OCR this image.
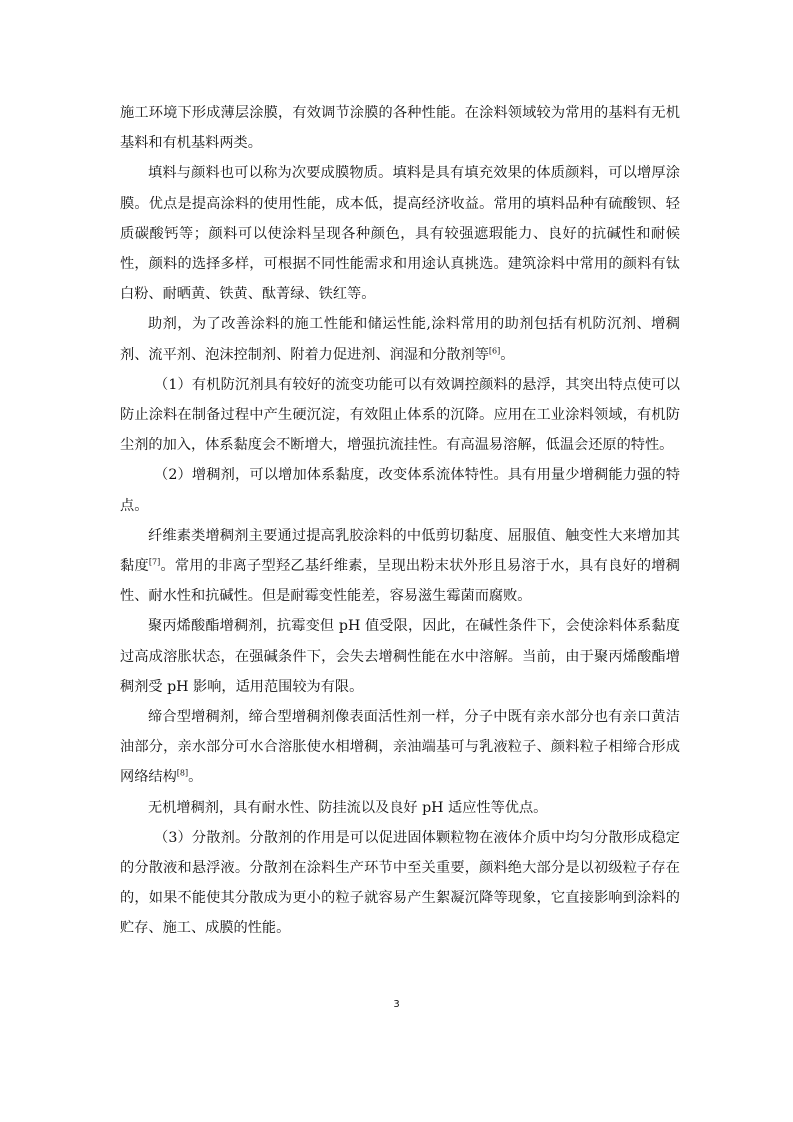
施工环境下形成薄层涂膜，有效调节涂膜的各种性能。在涂料领域较为常用的基料有无机基料和有机基料两类。

填料与颜料也可以称为次要成膜物质。填料是具有填充效果的体质颜料，可以增厚涂膜。优点是提高涂料的使用性能，成本低，提高经济收益。常用的填料品种有硫酸钡、轻质碳酸钙等；颜料可以使涂料呈现各种颜色，具有较强遮瑕能力、良好的抗碱性和耐候性，颜料的选择多样，可根据不同性能需求和用途认真挑选。建筑涂料中常用的颜料有钛白粉、耐晒黄、铁黄、酞菁绿、铁红等。

助剂，为了改善涂料的施工性能和储运性能,涂料常用的助剂包括有机防沉剂、增稠剂、流平剂、泡沫控制剂、附着力促进剂、润湿和分散剂等[6]。

（1）有机防沉剂具有较好的流变功能可以有效调控颜料的悬浮，其突出特点使可以防止涂料在制备过程中产生硬沉淀，有效阻止体系的沉降。应用在工业涂料领域，有机防尘剂的加入，体系黏度会不断增大，增强抗流挂性。有高温易溶解，低温会还原的特性。

（2）增稠剂，可以增加体系黏度，改变体系流体特性。具有用量少增稠能力强的特点。

纤维素类增稠剂主要通过提高乳胶涂料的中低剪切黏度、屈服值、触变性大来增加其黏度[7]。常用的非离子型羟乙基纤维素，呈现出粉末状外形且易溶于水，具有良好的增稠性、耐水性和抗碱性。但是耐霉变性能差，容易滋生霉菌而腐败。

聚丙烯酸酯增稠剂，抗霉变但 pH 值受限，因此，在碱性条件下，会使涂料体系黏度过高成溶胀状态，在强碱条件下，会失去增稠性能在水中溶解。当前，由于聚丙烯酸酯增稠剂受 pH 影响，适用范围较为有限。

缔合型增稠剂，缔合型增稠剂像表面活性剂一样，分子中既有亲水部分也有亲口黄洁油部分，亲水部分可水合溶胀使水相增稠，亲油端基可与乳液粒子、颜料粒子相缔合形成网络结构[8]。

无机增稠剂，具有耐水性、防挂流以及良好 pH 适应性等优点。

（3）分散剂。分散剂的作用是可以促进固体颗粒物在液体介质中均匀分散形成稳定的分散液和悬浮液。分散剂在涂料生产环节中至关重要，颜料绝大部分是以初级粒子存在的，如果不能使其分散成为更小的粒子就容易产生絮凝沉降等现象，它直接影响到涂料的贮存、施工、成膜的性能。

3
